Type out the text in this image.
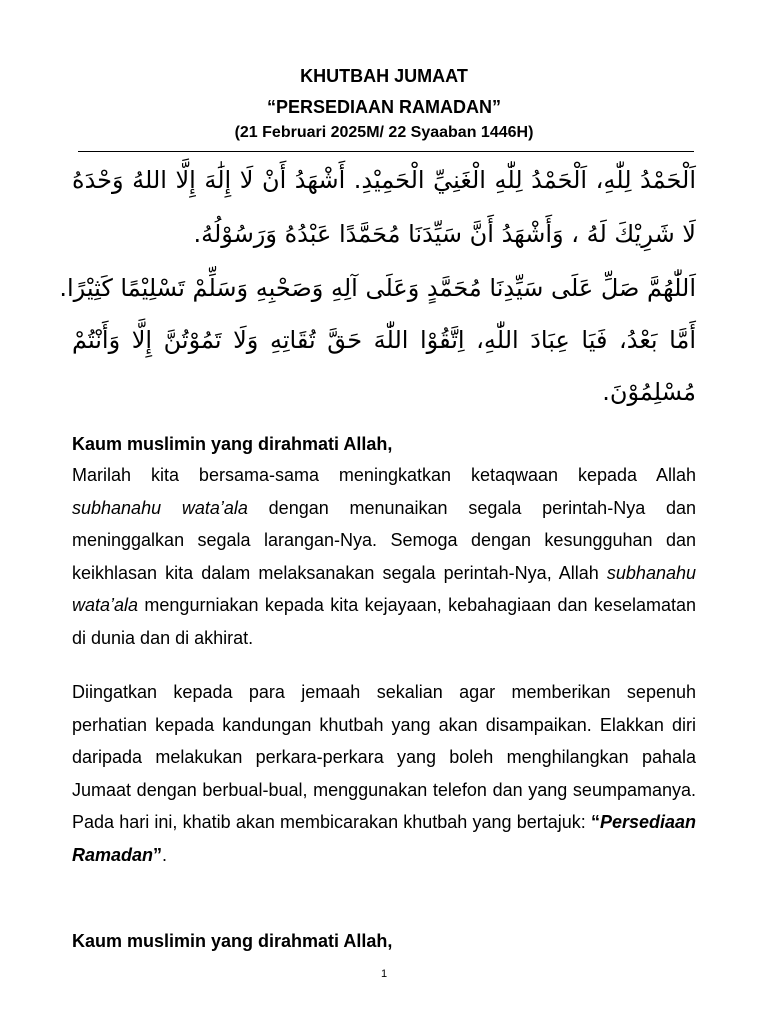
KHUTBAH JUMAAT
“PERSEDIAAN RAMADAN”
(21 Februari 2025M/ 22 Syaaban 1446H)
اَلْحَمْدُ لِلّٰهِ، اَلْحَمْدُ لِلّٰهِ الْغَنِيِّ الْحَمِيْدِ. أَشْهَدُ أَنْ لَا إِلَٰهَ إِلَّا اللهُ وَحْدَهُ
لَا شَرِيْكَ لَهُ ، وَأَشْهَدُ أَنَّ سَيِّدَنَا مُحَمَّدًا عَبْدُهُ وَرَسُوْلُهُ.
اَللّٰهُمَّ صَلِّ عَلَى سَيِّدِنَا مُحَمَّدٍ وَعَلَى آلِهِ وَصَحْبِهِ وَسَلِّمْ تَسْلِيْمًا كَثِيْرًا.
أَمَّا بَعْدُ، فَيَا عِبَادَ اللّٰهِ، اِتَّقُوْا اللّٰهَ حَقَّ تُقَاتِهِ وَلَا تَمُوْتُنَّ إِلَّا وَأَنْتُمْ
مُسْلِمُوْنَ.
Kaum muslimin yang dirahmati Allah,
Marilah kita bersama-sama meningkatkan ketaqwaan kepada Allah subhanahu wata’ala dengan menunaikan segala perintah-Nya dan meninggalkan segala larangan-Nya. Semoga dengan kesungguhan dan keikhlasan kita dalam melaksanakan segala perintah-Nya, Allah subhanahu wata’ala mengurniakan kepada kita kejayaan, kebahagiaan dan keselamatan di dunia dan di akhirat.
Diingatkan kepada para jemaah sekalian agar memberikan sepenuh perhatian kepada kandungan khutbah yang akan disampaikan. Elakkan diri daripada melakukan perkara-perkara yang boleh menghilangkan pahala Jumaat dengan berbual-bual, menggunakan telefon dan yang seumpamanya. Pada hari ini, khatib akan membicarakan khutbah yang bertajuk: “Persediaan Ramadan”.
Kaum muslimin yang dirahmati Allah,
1
